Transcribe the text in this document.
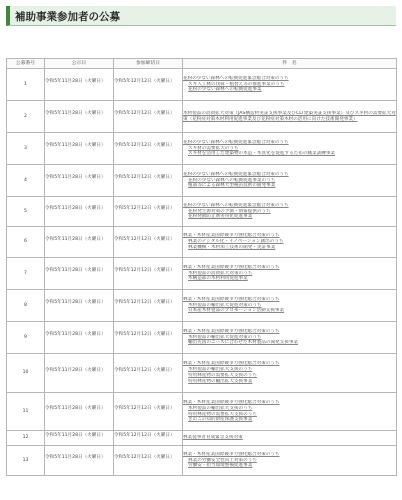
補助事業参加者の公募
公募番号	公示日	参加締切日	件　名
1	令和5年11月28日（火曜日）	令和5年12月12日（火曜日）	花粉の少ない森林への転換促進緊急総合対策のうち
スギ人工林の伐採・植替え等の推進事業のうち
花粉の少ない森林への転換促進事業

2	令和5年11月28日（火曜日）	令和5年12月12日（火曜日）	木材製品の消費拡大対策（JAS構造材実証支援事業及びCLT建築実証支援事業）及びスギ材の需要拡大対策（花粉症対策木材利用促進事業及び花粉症対策木材の活用に向けた技術開発事業）

3	令和5年11月28日（火曜日）	令和5年12月12日（火曜日）	花粉の少ない森林への転換促進緊急総合対策のうち
スギ材の需要拡大のうち
スギ材を活用した建築物の木造・木質化を促進するための職業訓練事業

4	令和5年11月28日（火曜日）	令和5年12月12日（火曜日）	花粉の少ない森林への転換促進緊急総合対策のうち
花粉の少ない森林への転換促進事業のうち
植栽等による森林大型種苗技術の開発事業

5	令和5年11月28日（火曜日）	令和5年12月12日（火曜日）	花粉の少ない森林への転換促進緊急総合対策のうち
花粉発生源対策の予測・情報提供のうち
花粉発散防止剤実用化促進事業

6	令和5年11月28日（火曜日）	令和5年12月12日（火曜日）	林業・木材産業国際競争力強化総合対策のうち
林業のデジタル化・イノベーション創出のうち
林業機械・木材加工技術の開発・実証事業

7	令和5年11月28日（火曜日）	令和5年12月12日（火曜日）	林業・木材産業国際競争力強化総合対策のうち
木材製品の消費拡大対策のうち
木構造部の木材利用促進事業

8	令和5年11月28日（火曜日）	令和5年12月12日（火曜日）	林業・木材産業国際競争力強化総合対策のうち
木材製品の輸出拡大促進対策のうち
日本産木材製品のプロモーション活動支援事業

9	令和5年11月28日（火曜日）	令和5年12月12日（火曜日）	林業・木材産業国際競争力強化総合対策のうち
木材製品の輸出拡大促進対策のうち
輸出先国のニーズに合わせた木材製品の開発支援事業

10	令和5年11月28日（火曜日）	令和5年12月12日（火曜日）	林業・木材産業国際競争力強化総合対策のうち
木材製品の輸出拡大支援のうち
特用林産物の需要拡大支援のうち
特用林産物の輸出拡大支援事業

11	令和5年11月28日（火曜日）	令和5年12月12日（火曜日）	林業・木材産業国際競争力強化総合対策のうち
木材製品の輸出拡大支援のうち
特用林産物の需要拡大支援のうち
きのこの知的財産保護支援事業

12	令和5年11月28日（火曜日）	令和5年12月12日（火曜日）	林業従事者育成緊急支援対策

13	令和5年11月28日（火曜日）	令和5年12月12日（火曜日）	林業・木材産業国際競争力強化総合対策のうち
林業の労働安全性向上対策のうち
労働安・担当環境整備促進事業
